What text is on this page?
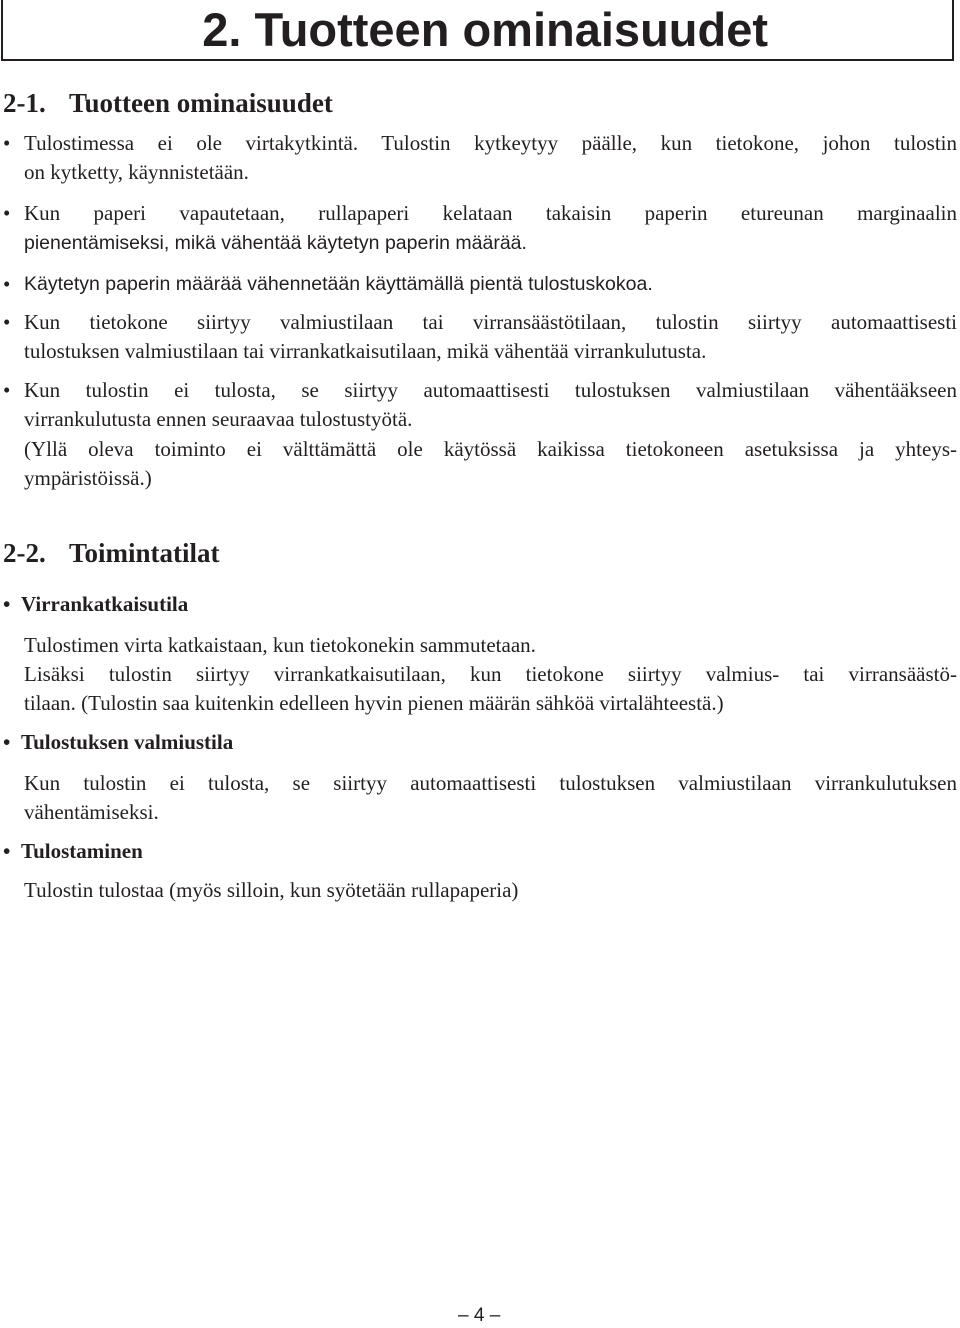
2. Tuotteen ominaisuudet
2-1. Tuotteen ominaisuudet
• Tulostimessa ei ole virtakytkintä. Tulostin kytkeytyy päälle, kun tietokone, johon tulostin
on kytketty, käynnistetään.
• Kun paperi vapautetaan, rullapaperi kelataan takaisin paperin etureunan marginaalin
pienentämiseksi, mikä vähentää käytetyn paperin määrää.
• Käytetyn paperin määrää vähennetään käyttämällä pientä tulostuskokoa.
• Kun tietokone siirtyy valmiustilaan tai virransäästötilaan, tulostin siirtyy automaattisesti
tulostuksen valmiustilaan tai virrankatkaisutilaan, mikä vähentää virrankulutusta.
• Kun tulostin ei tulosta, se siirtyy automaattisesti tulostuksen valmiustilaan vähentääkseen
virrankulutusta ennen seuraavaa tulostustyötä.
(Yllä oleva toiminto ei välttämättä ole käytössä kaikissa tietokoneen asetuksissa ja yhteys-
ympäristöissä.)
2-2. Toimintatilat
• Virrankatkaisutila
Tulostimen virta katkaistaan, kun tietokonekin sammutetaan.
Lisäksi tulostin siirtyy virrankatkaisutilaan, kun tietokone siirtyy valmius- tai virransäästö-
tilaan. (Tulostin saa kuitenkin edelleen hyvin pienen määrän sähköä virtalähteestä.)
• Tulostuksen valmiustila
Kun tulostin ei tulosta, se siirtyy automaattisesti tulostuksen valmiustilaan virrankulutuksen
vähentämiseksi.
• Tulostaminen
Tulostin tulostaa (myös silloin, kun syötetään rullapaperia)
– 4 –
